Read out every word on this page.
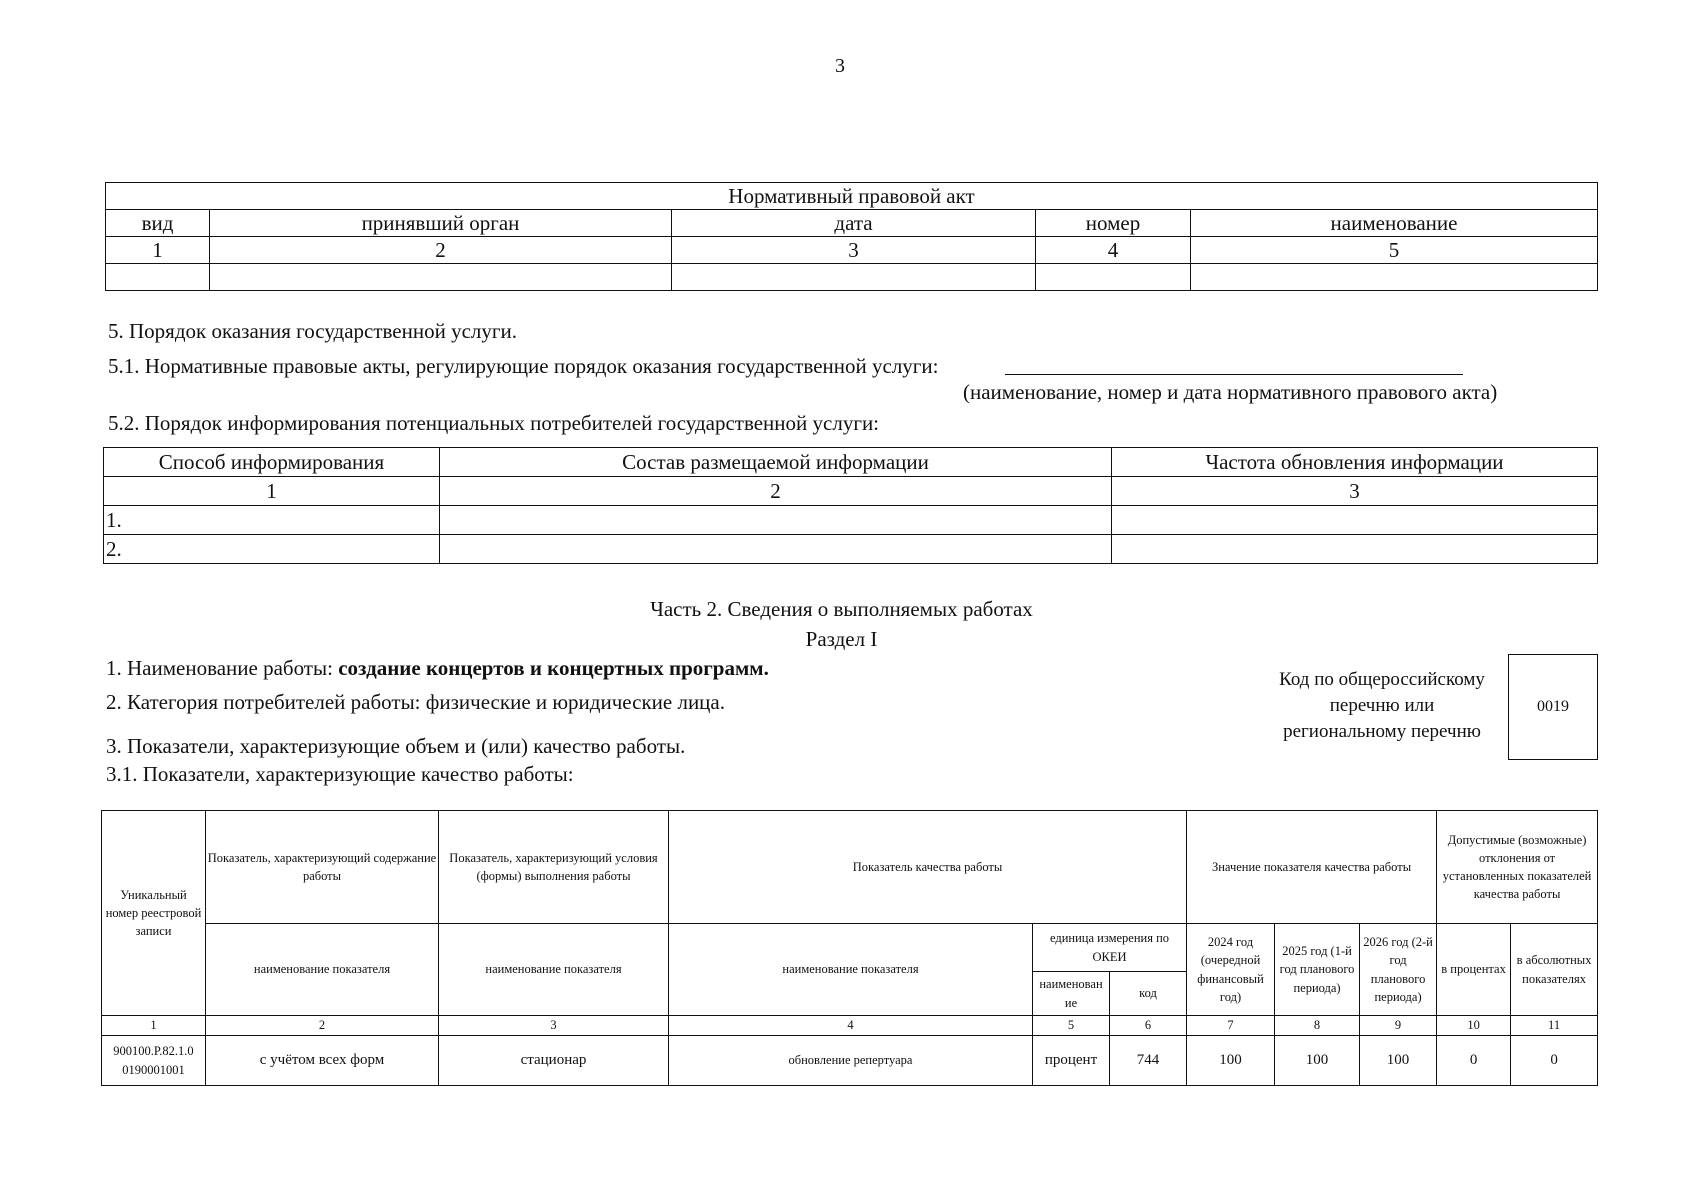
3
Нормативный правовой акт				
вид	принявший орган	дата	номер	наименование
1	2	3	4	5

5. Порядок оказания государственной услуги.
5.1. Нормативные правовые акты, регулирующие порядок оказания государственной услуги:
(наименование, номер и дата нормативного правового акта)
5.2. Порядок информирования потенциальных потребителей государственной услуги:
Способ информирования	Состав размещаемой информации	Частота обновления информации
1	2	3
1.		
2.		
Часть 2. Сведения о выполняемых работах
Раздел I
1. Наименование работы: создание концертов и концертных программ.
2. Категория потребителей работы: физические и юридические лица.
3. Показатели, характеризующие объем и (или) качество работы.
3.1. Показатели, характеризующие качество работы:
Код по общероссийскому
перечню или
региональному перечню
0019
Уникальный номер реестровой записи	Показатель, характеризующий содержание работы	Показатель, характеризующий условия (формы) выполнения работы	Показатель качества работы			Значение показателя качества работы			Допустимые (возможные) отклонения от установленных показателей качества работы	
	наименование показателя	наименование показателя	наименование показателя	единица измерения по ОКЕИ		2024 год (очередной финансовый год)	2025 год (1-й год планового периода)	2026 год (2-й год планового периода)	в процентах	в абсолютных показателях
				наименован ие	код					
1	2	3	4	5	6	7	8	9	10	11
900100.Р.82.1.0 0190001001	с учётом всех форм	стационар	обновление репертуара	процент	744	100	100	100	0	0
